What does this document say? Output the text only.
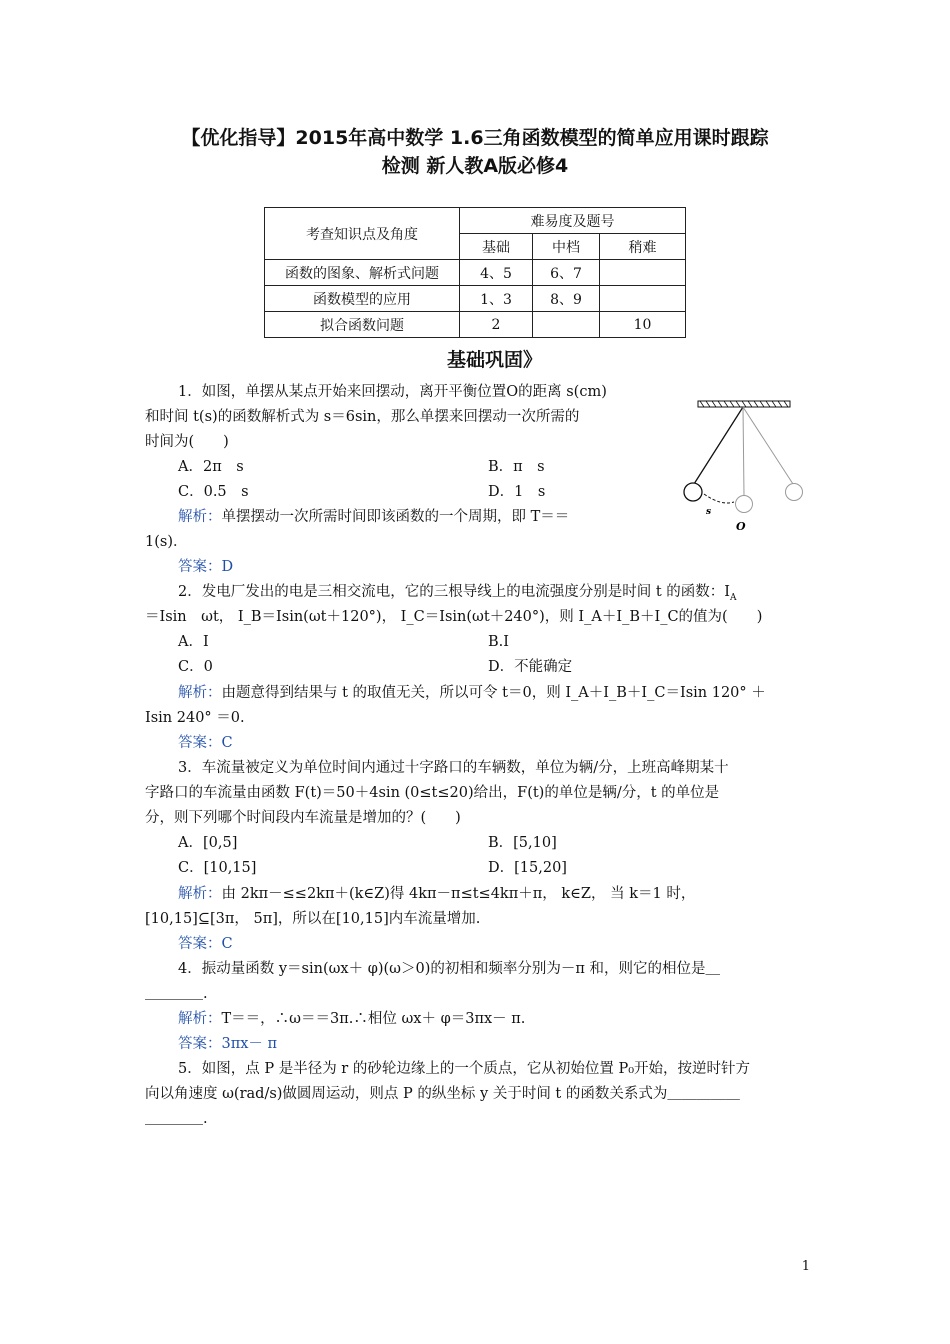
【优化指导】2015年高中数学 1.6三角函数模型的简单应用课时跟踪
检测 新人教A版必修4
考查知识点及角度	难易度及题号		
	基础	中档	稍难
函数的图象、解析式问题	4、5	6、7	
函数模型的应用	1、3	8、9	
拟合函数问题	2		10
基础巩固》
1．如图，单摆从某点开始来回摆动，离开平衡位置O的距离 s(cm)
和时间 t(s)的函数解析式为 s＝6sin，那么单摆来回摆动一次所需的
时间为(　　)
A．2π　s	B．π　s
C．0.5　s	D．1　s
解析：单摆摆动一次所需时间即该函数的一个周期，即 T＝＝
1(s)．
答案：D
s
O
2．发电厂发出的电是三相交流电，它的三根导线上的电流强度分别是时间 t 的函数：$I_A$
＝Isin　ωt， I_B＝Isin(ωt＋120°)， I_C＝Isin(ωt＋240°)，则 I_A＋I_B＋I_C的值为(　　)
A．I	B.I
C．0	D．不能确定
解析：由题意得到结果与 t 的取值无关，所以可令 t＝0，则 I_A＋I_B＋I_C＝Isin 120° ＋
Isin 240° ＝0.
答案：C
3．车流量被定义为单位时间内通过十字路口的车辆数，单位为辆/分，上班高峰期某十
字路口的车流量由函数 F(t)＝50＋4sin (0≤t≤20)给出，F(t)的单位是辆/分，t 的单位是
分，则下列哪个时间段内车流量是增加的？(　　)
A．[0,5]	B．[5,10]
C．[10,15]	D．[15,20]
解析：由 2kπ－≤≤2kπ＋(k∈Z)得 4kπ－π≤t≤4kπ＋π， k∈Z， 当 k＝1 时，
[10,15]⊆[3π， 5π]，所以在[10,15]内车流量增加.
答案：C
4．振动量函数 y＝sin(ωx＋ φ)(ω＞0)的初相和频率分别为－π 和，则它的相位是＿
＿＿＿＿.
解析：T＝＝，∴ω＝＝3π.∴相位 ωx＋ φ＝3πx－ π.
答案：3πx－ π
5．如图，点 P 是半径为 r 的砂轮边缘上的一个质点，它从初始位置 P₀开始，按逆时针方
向以角速度 ω(rad/s)做圆周运动，则点 P 的纵坐标 y 关于时间 t 的函数关系式为＿＿＿＿＿
＿＿＿＿.
1
